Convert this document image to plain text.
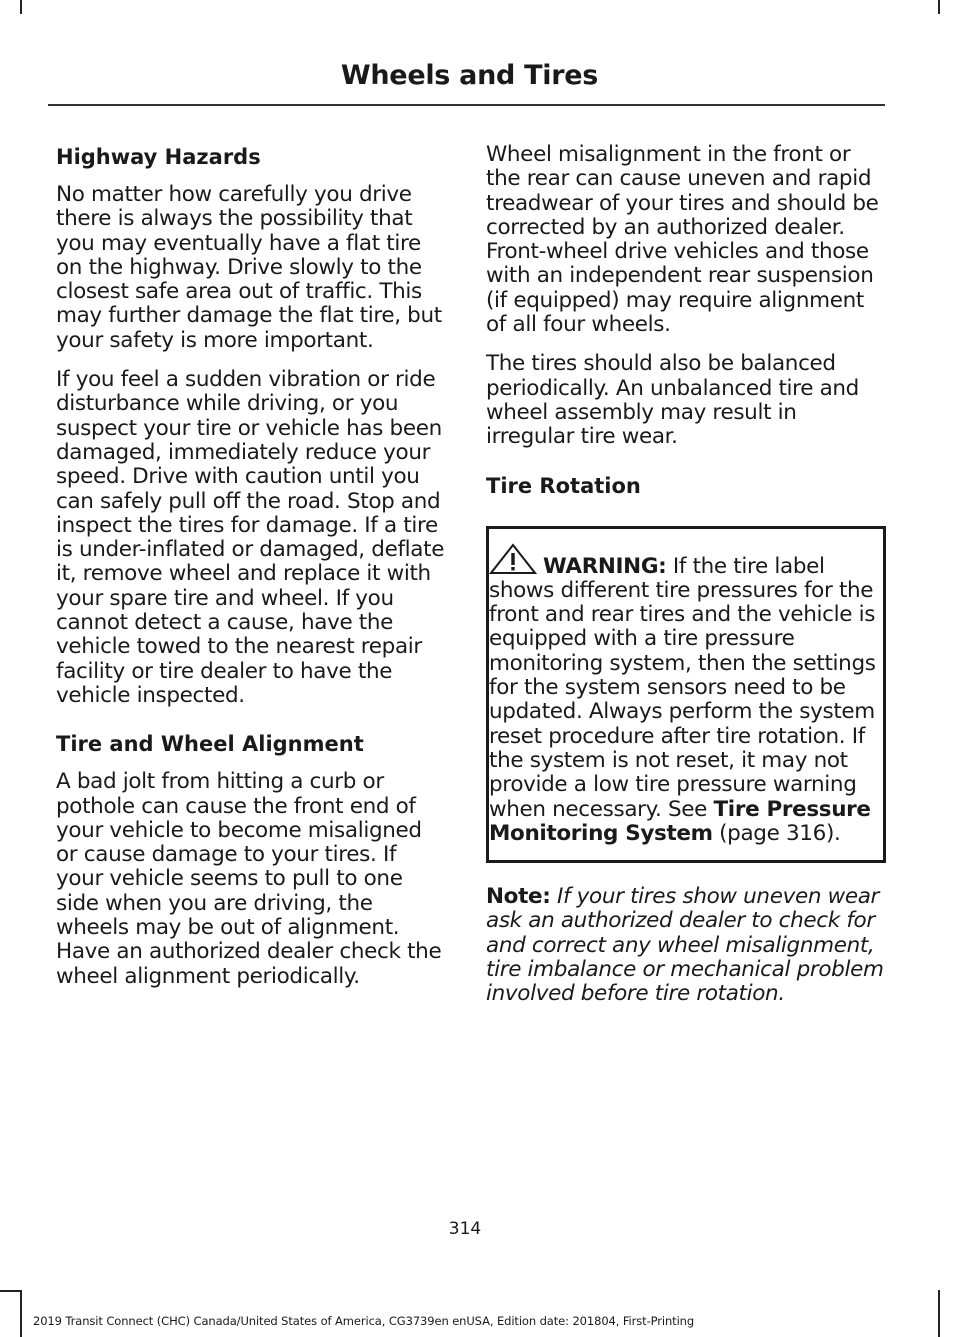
Wheels and Tires
Highway Hazards

No matter how carefully you drive there is always the possibility that you may eventually have a flat tire on the highway. Drive slowly to the closest safe area out of traffic. This may further damage the flat tire, but your safety is more important.

If you feel a sudden vibration or ride disturbance while driving, or you suspect your tire or vehicle has been damaged, immediately reduce your speed. Drive with caution until you can safely pull off the road. Stop and inspect the tires for damage. If a tire is under-inflated or damaged, deflate it, remove wheel and replace it with your spare tire and wheel. If you cannot detect a cause, have the vehicle towed to the nearest repair facility or tire dealer to have the vehicle inspected.

Tire and Wheel Alignment

A bad jolt from hitting a curb or pothole can cause the front end of your vehicle to become misaligned or cause damage to your tires. If your vehicle seems to pull to one side when you are driving, the wheels may be out of alignment. Have an authorized dealer check the wheel alignment periodically.

Wheel misalignment in the front or the rear can cause uneven and rapid treadwear of your tires and should be corrected by an authorized dealer. Front-wheel drive vehicles and those with an independent rear suspension (if equipped) may require alignment of all four wheels.

The tires should also be balanced periodically. An unbalanced tire and wheel assembly may result in irregular tire wear.

Tire Rotation
WARNING: If the tire label shows different tire pressures for the front and rear tires and the vehicle is equipped with a tire pressure monitoring system, then the settings for the system sensors need to be updated. Always perform the system reset procedure after tire rotation. If the system is not reset, it may not provide a low tire pressure warning when necessary. See Tire Pressure Monitoring System (page 316).

Note: If your tires show uneven wear ask an authorized dealer to check for and correct any wheel misalignment, tire imbalance or mechanical problem involved before tire rotation.

314
2019 Transit Connect (CHC) Canada/United States of America, CG3739en enUSA, Edition date: 201804, First-Printing
